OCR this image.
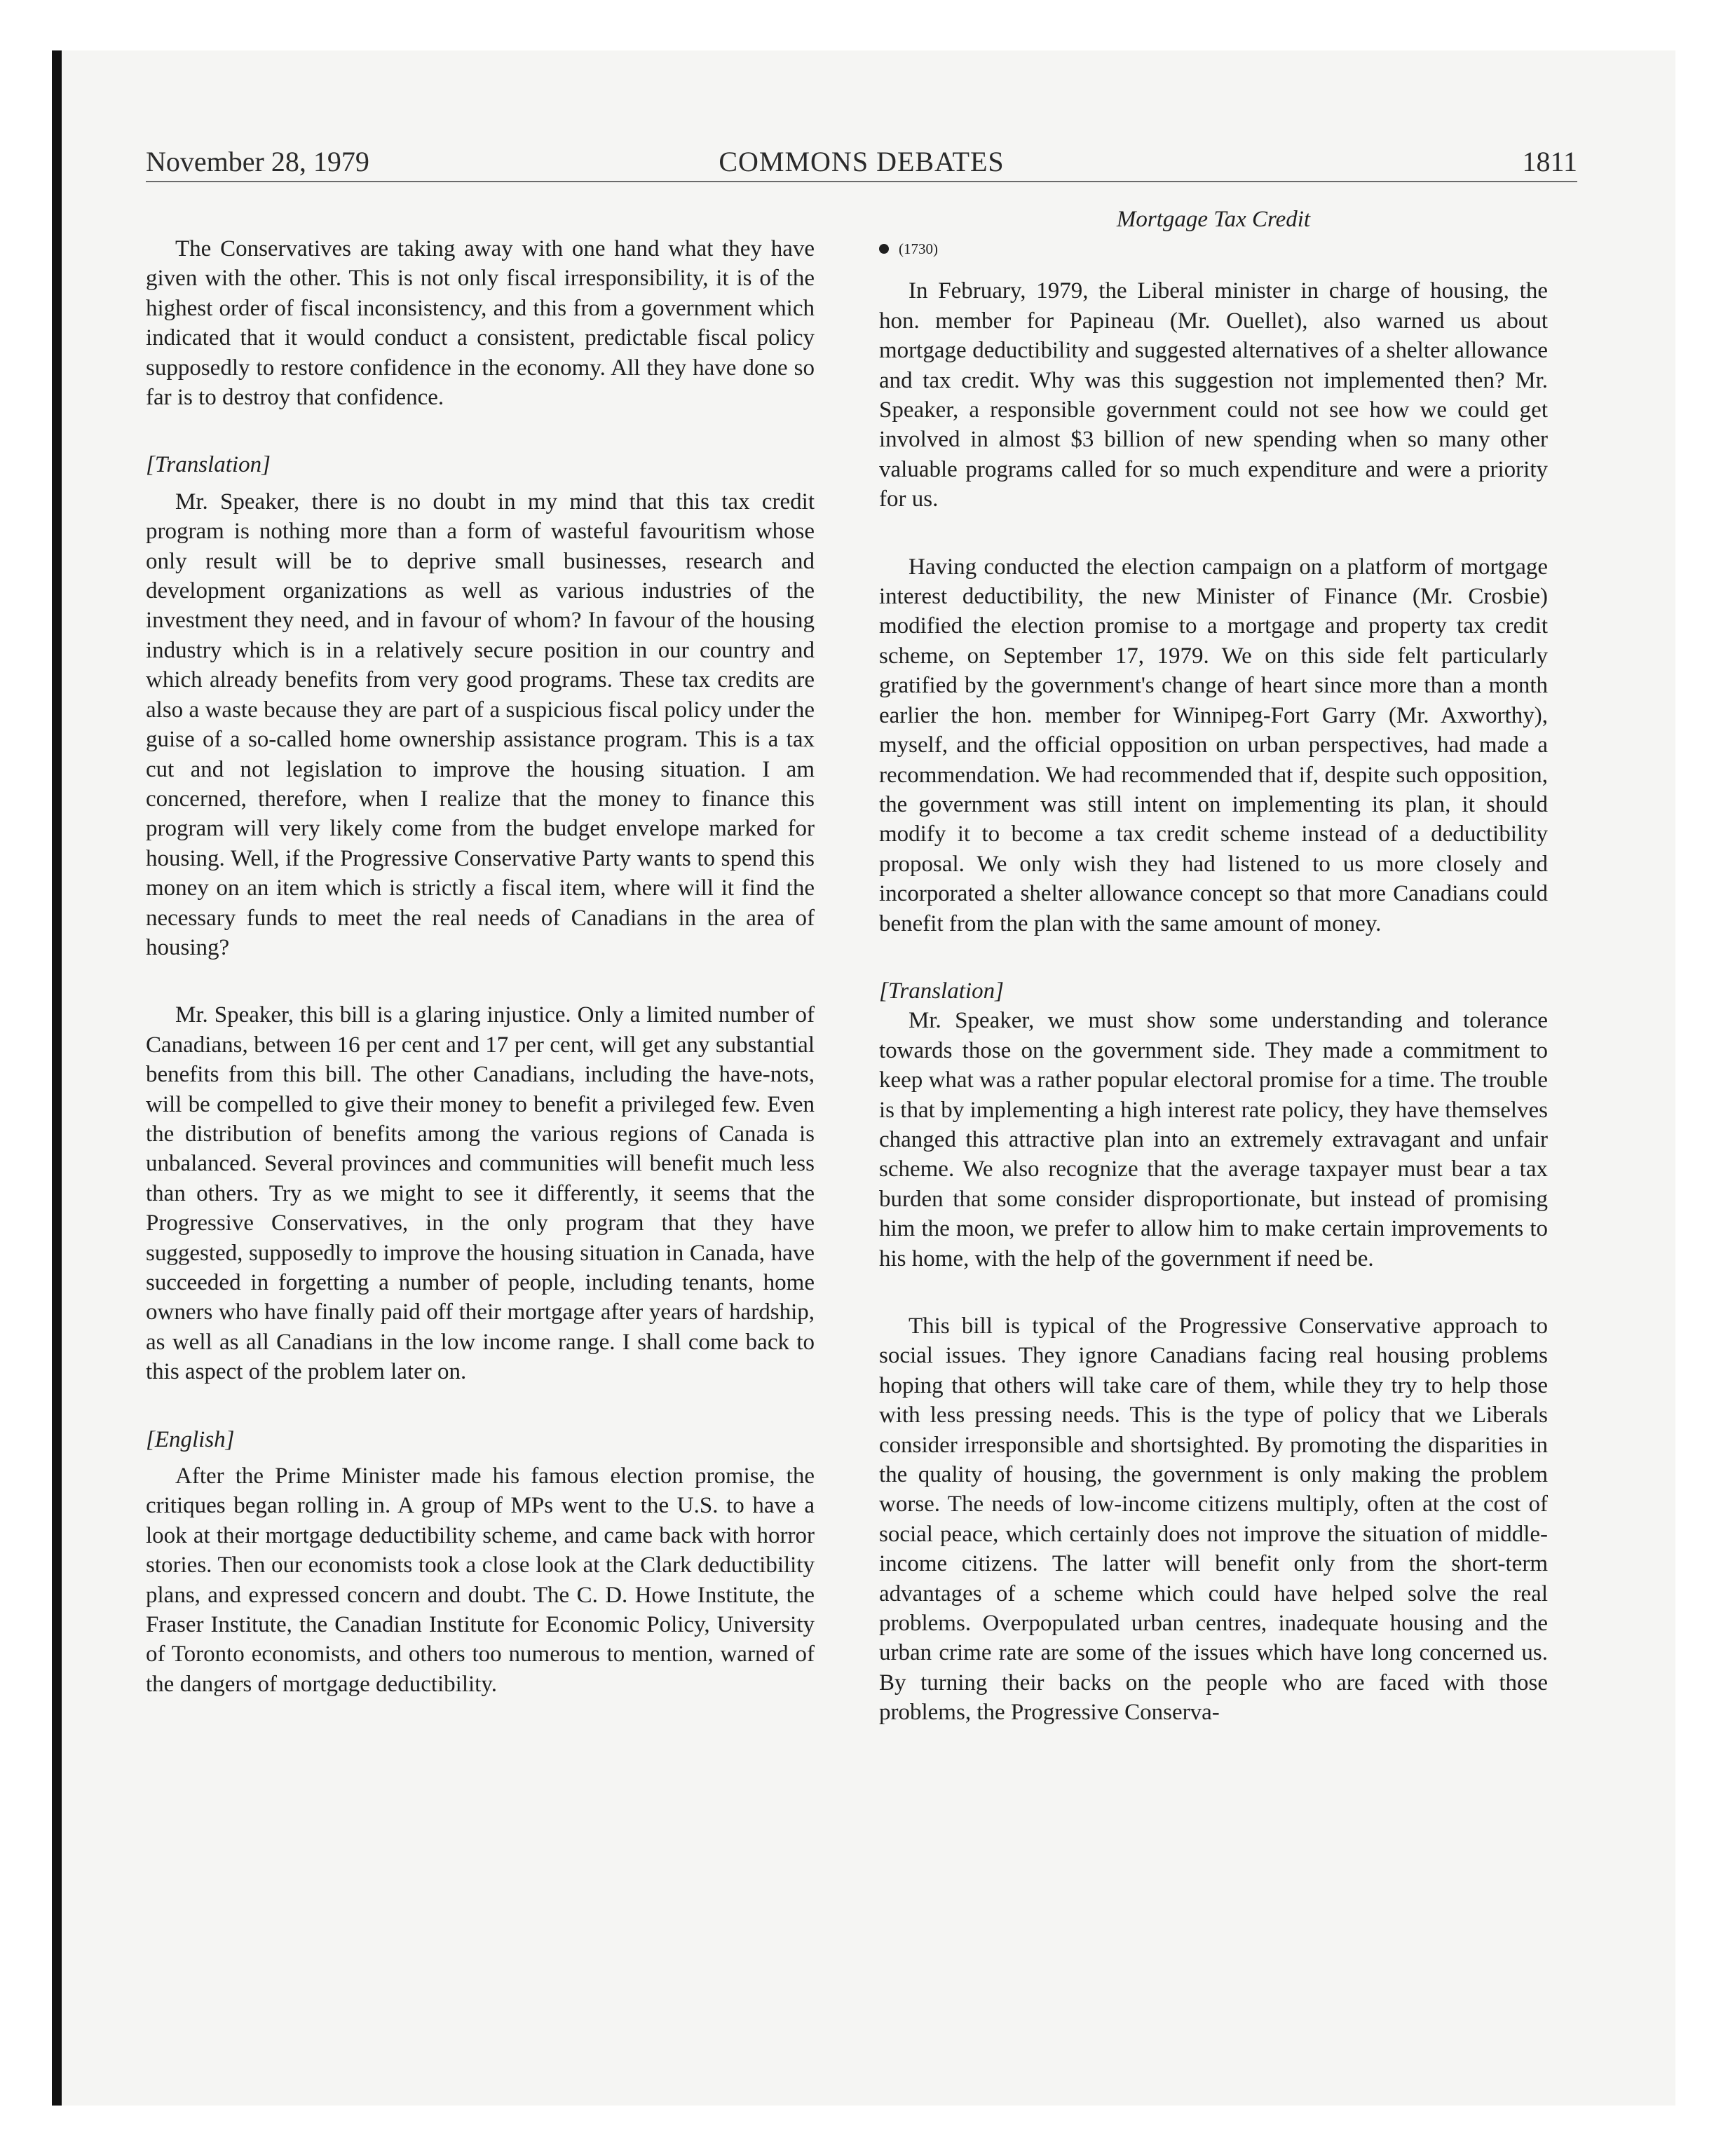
November 28, 1979	COMMONS DEBATES	1811

The Conservatives are taking away with one hand what they have given with the other. This is not only fiscal irresponsibility, it is of the highest order of fiscal inconsistency, and this from a government which indicated that it would conduct a consistent, predictable fiscal policy supposedly to restore confidence in the economy. All they have done so far is to destroy that confidence.

[Translation]

Mr. Speaker, there is no doubt in my mind that this tax credit program is nothing more than a form of wasteful favouritism whose only result will be to deprive small businesses, research and development organizations as well as various industries of the investment they need, and in favour of whom? In favour of the housing industry which is in a relatively secure position in our country and which already benefits from very good programs. These tax credits are also a waste because they are part of a suspicious fiscal policy under the guise of a so-called home ownership assistance program. This is a tax cut and not legislation to improve the housing situation. I am concerned, therefore, when I realize that the money to finance this program will very likely come from the budget envelope marked for housing. Well, if the Progressive Conservative Party wants to spend this money on an item which is strictly a fiscal item, where will it find the necessary funds to meet the real needs of Canadians in the area of housing?

Mr. Speaker, this bill is a glaring injustice. Only a limited number of Canadians, between 16 per cent and 17 per cent, will get any substantial benefits from this bill. The other Canadians, including the have-nots, will be compelled to give their money to benefit a privileged few. Even the distribution of benefits among the various regions of Canada is unbalanced. Several provinces and communities will benefit much less than others. Try as we might to see it differently, it seems that the Progressive Conservatives, in the only program that they have suggested, supposedly to improve the housing situation in Canada, have succeeded in forgetting a number of people, including tenants, home owners who have finally paid off their mortgage after years of hardship, as well as all Canadians in the low income range. I shall come back to this aspect of the problem later on.

[English]

After the Prime Minister made his famous election promise, the critiques began rolling in. A group of MPs went to the U.S. to have a look at their mortgage deductibility scheme, and came back with horror stories. Then our economists took a close look at the Clark deductibility plans, and expressed concern and doubt. The C. D. Howe Institute, the Fraser Institute, the Canadian Institute for Economic Policy, University of Toronto economists, and others too numerous to mention, warned of the dangers of mortgage deductibility.

Mortgage Tax Credit

(1730)

In February, 1979, the Liberal minister in charge of housing, the hon. member for Papineau (Mr. Ouellet), also warned us about mortgage deductibility and suggested alternatives of a shelter allowance and tax credit. Why was this suggestion not implemented then? Mr. Speaker, a responsible government could not see how we could get involved in almost $3 billion of new spending when so many other valuable programs called for so much expenditure and were a priority for us.

Having conducted the election campaign on a platform of mortgage interest deductibility, the new Minister of Finance (Mr. Crosbie) modified the election promise to a mortgage and property tax credit scheme, on September 17, 1979. We on this side felt particularly gratified by the government's change of heart since more than a month earlier the hon. member for Winnipeg-Fort Garry (Mr. Axworthy), myself, and the official opposition on urban perspectives, had made a recommendation. We had recommended that if, despite such opposition, the government was still intent on implementing its plan, it should modify it to become a tax credit scheme instead of a deductibility proposal. We only wish they had listened to us more closely and incorporated a shelter allowance concept so that more Canadians could benefit from the plan with the same amount of money.

[Translation]

Mr. Speaker, we must show some understanding and tolerance towards those on the government side. They made a commitment to keep what was a rather popular electoral promise for a time. The trouble is that by implementing a high interest rate policy, they have themselves changed this attractive plan into an extremely extravagant and unfair scheme. We also recognize that the average taxpayer must bear a tax burden that some consider disproportionate, but instead of promising him the moon, we prefer to allow him to make certain improvements to his home, with the help of the government if need be.

This bill is typical of the Progressive Conservative approach to social issues. They ignore Canadians facing real housing problems hoping that others will take care of them, while they try to help those with less pressing needs. This is the type of policy that we Liberals consider irresponsible and shortsighted. By promoting the disparities in the quality of housing, the government is only making the problem worse. The needs of low-income citizens multiply, often at the cost of social peace, which certainly does not improve the situation of middle-income citizens. The latter will benefit only from the short-term advantages of a scheme which could have helped solve the real problems. Overpopulated urban centres, inadequate housing and the urban crime rate are some of the issues which have long concerned us. By turning their backs on the people who are faced with those problems, the Progressive Conserva-
